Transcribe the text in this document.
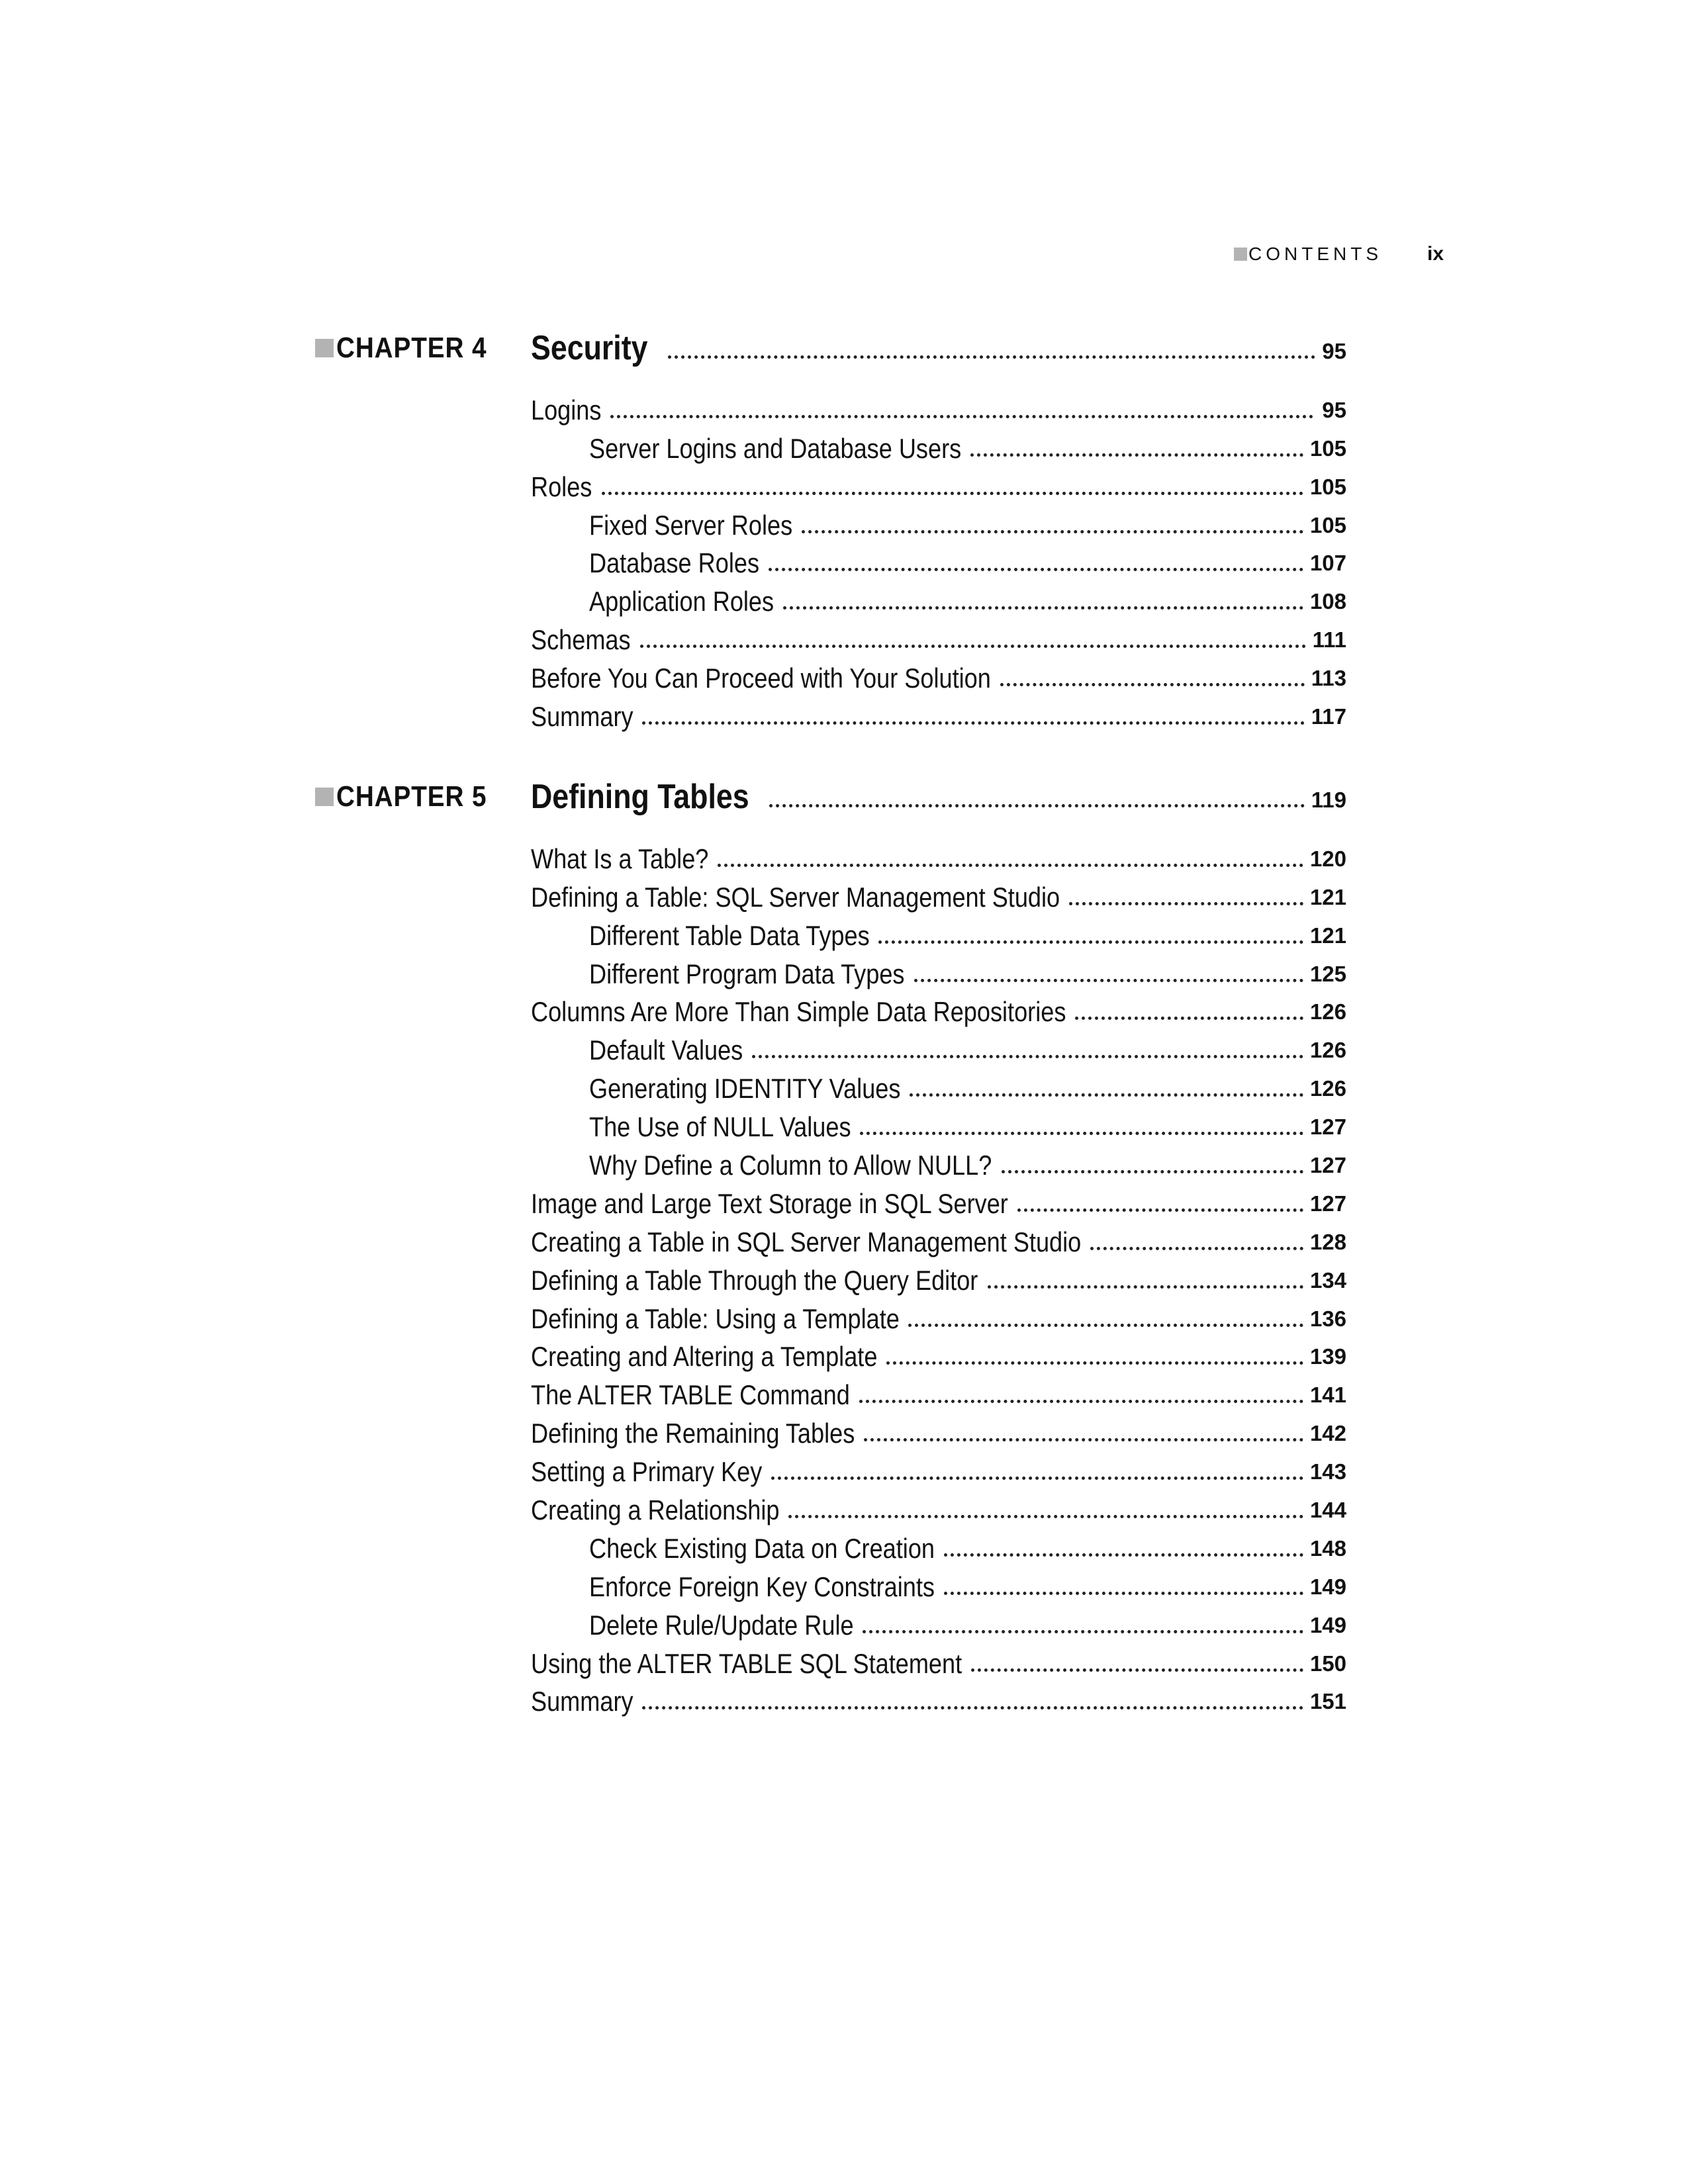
CONTENTS ix
CHAPTER 4 Security	95
Logins	95
Server Logins and Database Users	105
Roles	105
Fixed Server Roles	105
Database Roles	107
Application Roles	108
Schemas	111
Before You Can Proceed with Your Solution	113
Summary	117
CHAPTER 5 Defining Tables	119
What Is a Table?	120
Defining a Table: SQL Server Management Studio	121
Different Table Data Types	121
Different Program Data Types	125
Columns Are More Than Simple Data Repositories	126
Default Values	126
Generating IDENTITY Values	126
The Use of NULL Values	127
Why Define a Column to Allow NULL?	127
Image and Large Text Storage in SQL Server	127
Creating a Table in SQL Server Management Studio	128
Defining a Table Through the Query Editor	134
Defining a Table: Using a Template	136
Creating and Altering a Template	139
The ALTER TABLE Command	141
Defining the Remaining Tables	142
Setting a Primary Key	143
Creating a Relationship	144
Check Existing Data on Creation	148
Enforce Foreign Key Constraints	149
Delete Rule/Update Rule	149
Using the ALTER TABLE SQL Statement	150
Summary	151
